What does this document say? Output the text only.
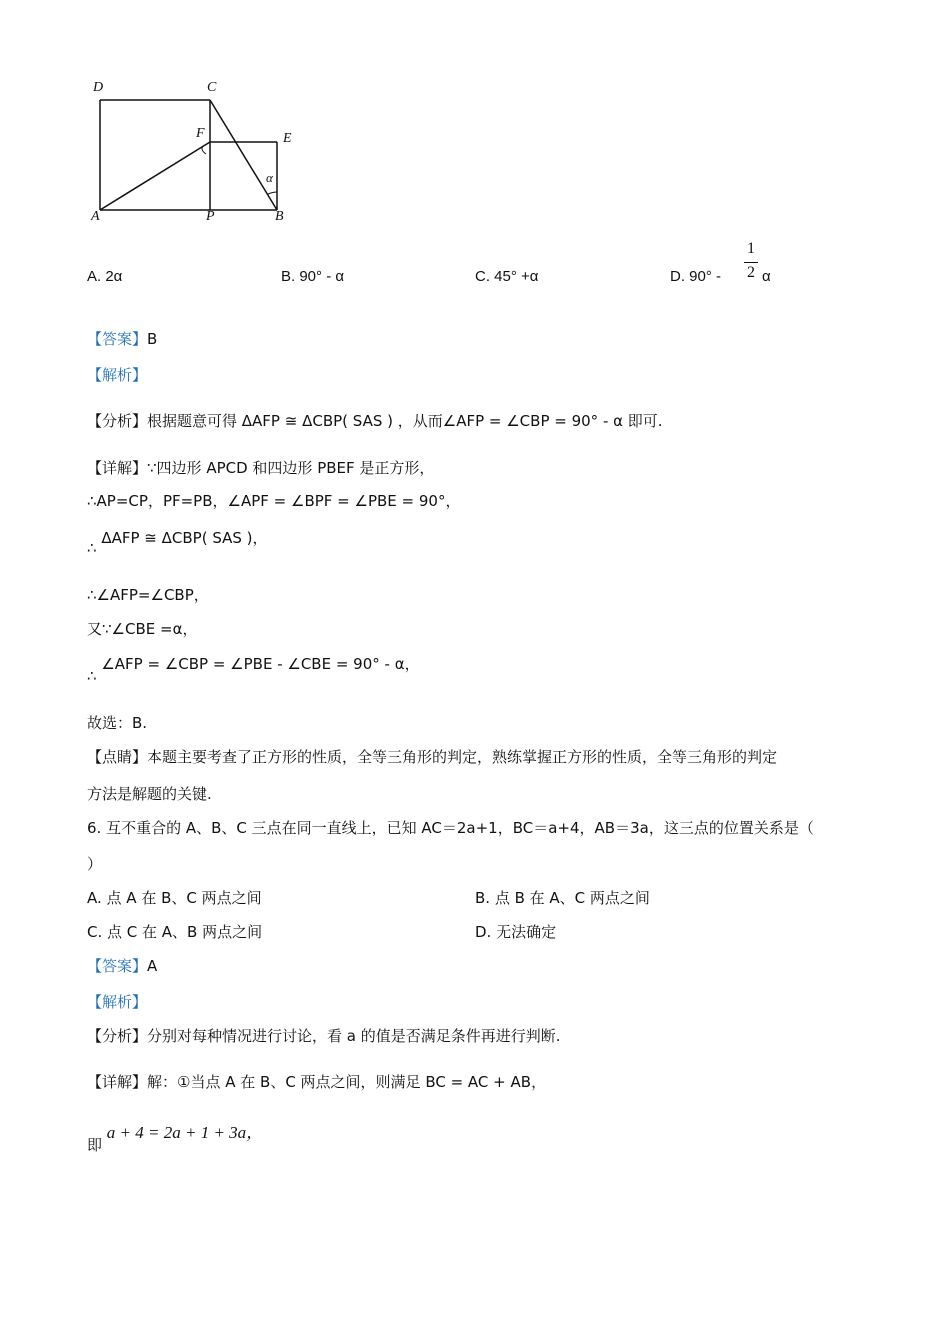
D	C
F	E
α
A	P	B
A. 2α	B. 90° - α	C. 45° +α	D. 90° -
1
2 α
【答案】B
【解析】
【分析】根据题意可得 ΔAFP ≅ ΔCBP( SAS ) ，从而∠AFP = ∠CBP = 90° - α 即可.
【详解】∵四边形 APCD 和四边形 PBEF 是正方形，
∴AP=CP，PF=PB，∠APF = ∠BPF = ∠PBE = 90°，
∴ ΔAFP ≅ ΔCBP( SAS )，
∴∠AFP=∠CBP，
又∵∠CBE =α，
∴ ∠AFP = ∠CBP = ∠PBE - ∠CBE = 90° - α，
故选：B.
【点睛】本题主要考查了正方形的性质，全等三角形的判定，熟练掌握正方形的性质，全等三角形的判定
方法是解题的关键.
6. 互不重合的 A、B、C 三点在同一直线上，已知 AC＝2a+1，BC＝a+4，AB＝3a，这三点的位置关系是（
）
A. 点 A 在 B、C 两点之间	B. 点 B 在 A、C 两点之间
C. 点 C 在 A、B 两点之间	D. 无法确定
【答案】A
【解析】
【分析】分别对每种情况进行讨论，看 a 的值是否满足条件再进行判断.
【详解】解：①当点 A 在 B、C 两点之间，则满足 BC = AC + AB，
即 a + 4 = 2a + 1 + 3a，
